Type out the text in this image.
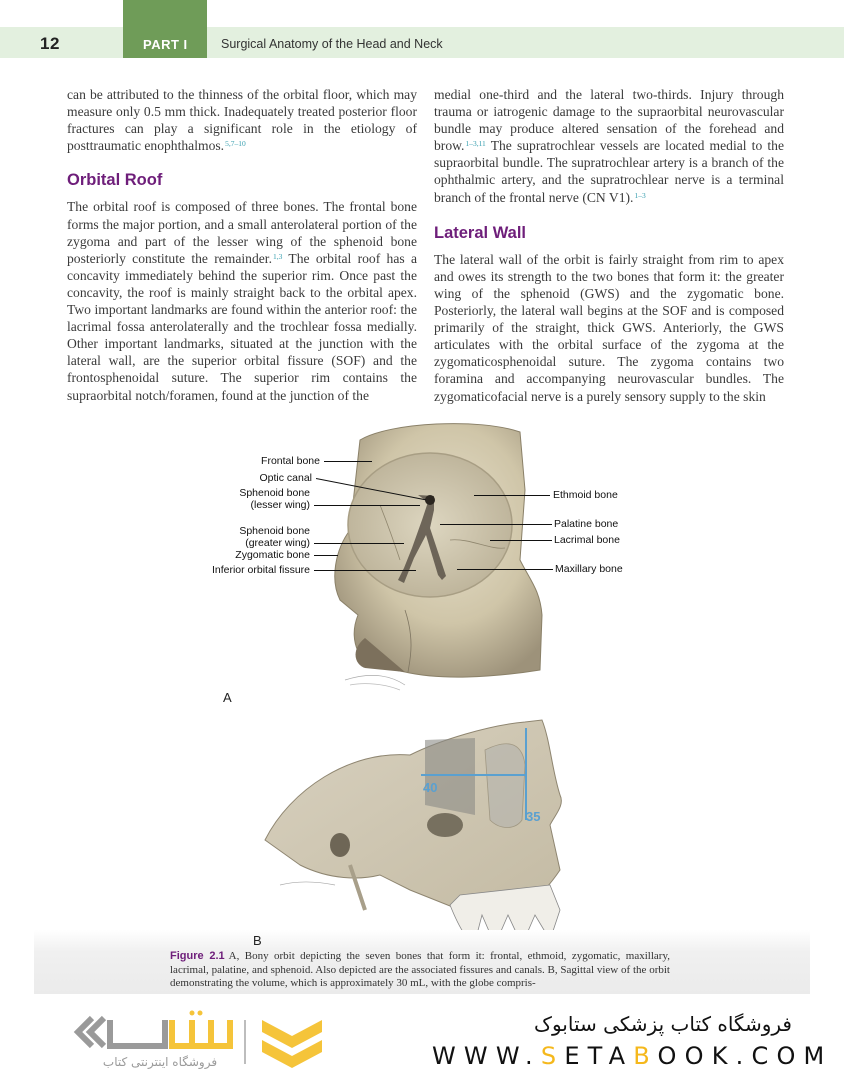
12	PART I	Surgical Anatomy of the Head and Neck

can be attributed to the thinness of the orbital floor, which may measure only 0.5 mm thick. Inadequately treated posterior floor fractures can play a significant role in the etiology of posttraumatic enophthalmos.$^{5,7-10}$

Orbital Roof

The orbital roof is composed of three bones. The frontal bone forms the major portion, and a small anterolateral portion of the zygoma and part of the lesser wing of the sphenoid bone posteriorly constitute the remainder.$^{1,3}$ The orbital roof has a concavity immediately behind the superior rim. Once past the concavity, the roof is mainly straight back to the orbital apex. Two important landmarks are found within the anterior roof: the lacrimal fossa anterolaterally and the trochlear fossa medially. Other important landmarks, situated at the junction with the lateral wall, are the superior orbital fissure (SOF) and the frontosphenoidal suture. The superior rim contains the supraorbital notch/foramen, found at the junction of the

medial one-third and the lateral two-thirds. Injury through trauma or iatrogenic damage to the supraorbital neurovascular bundle may produce altered sensation of the forehead and brow.$^{1-3,11}$ The supratrochlear vessels are located medial to the supraorbital bundle. The supratrochlear artery is a branch of the ophthalmic artery, and the supratrochlear nerve is a terminal branch of the frontal nerve (CN V1).$^{1-3}$

Lateral Wall

The lateral wall of the orbit is fairly straight from rim to apex and owes its strength to the two bones that form it: the greater wing of the sphenoid (GWS) and the zygomatic bone. Posteriorly, the lateral wall begins at the SOF and is composed primarily of the straight, thick GWS. Anteriorly, the GWS articulates with the orbital surface of the zygoma at the zygomaticosphenoidal suture. The zygoma contains two foramina and accompanying neurovascular bundles. The zygomaticofacial nerve is a purely sensory supply to the skin

Frontal bone
Optic canal
Sphenoid bone
(lesser wing)
Sphenoid bone
(greater wing)
Zygomatic bone
Inferior orbital fissure
Ethmoid bone
Palatine bone
Lacrimal bone
Maxillary bone
A
40
35
B
Figure 2.1 A, Bony orbit depicting the seven bones that form it: frontal, ethmoid, zygomatic, maxillary, lacrimal, palatine, and sphenoid. Also depicted are the associated fissures and canals. B, Sagittal view of the orbit demonstrating the volume, which is approximately 30 mL, with the globe compris-
فروشگاه اینترنتی کتاب
فروشگاه کتاب پزشکی ستابوک
WWW.SETABOOK.COM
